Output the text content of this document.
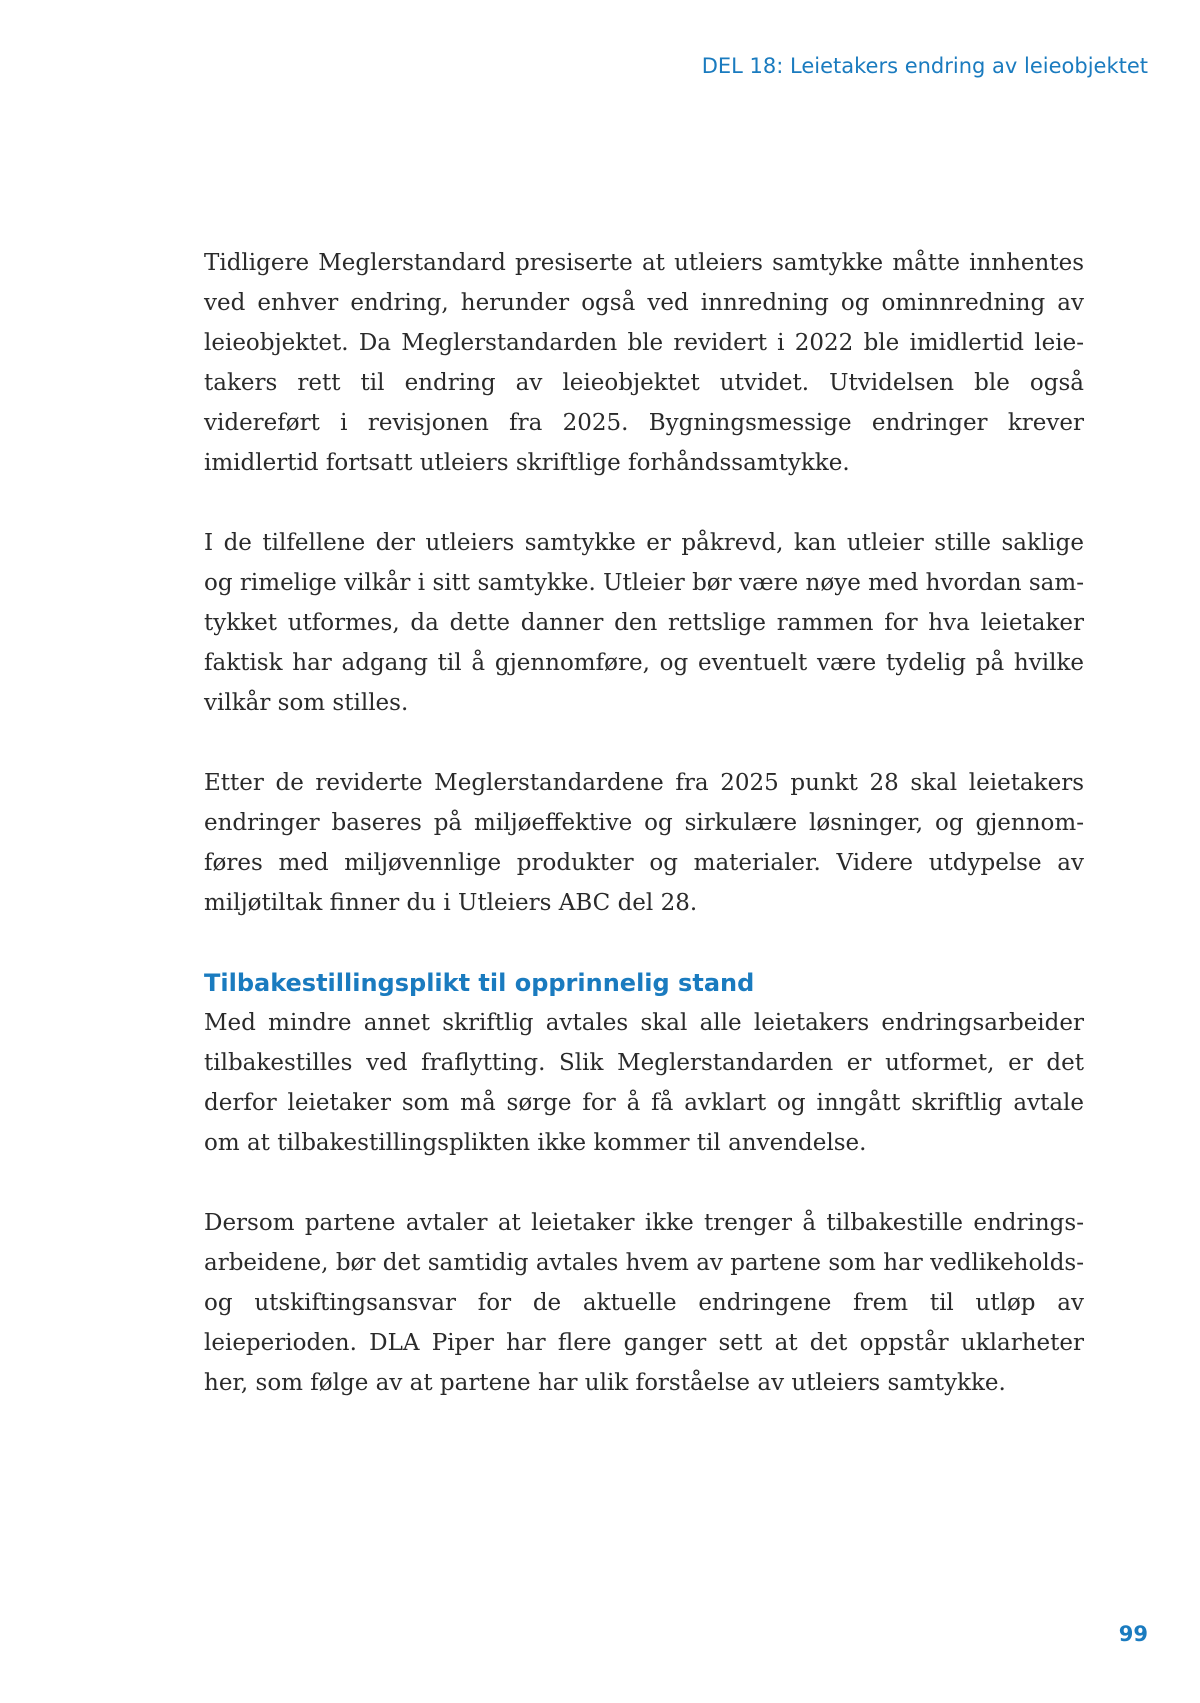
DEL 18: Leietakers endring av leieobjektet

Tidligere Meglerstandard presiserte at utleiers samtykke måtte innhentes ved enhver endring, herunder også ved innredning og ominnredning av leieobjektet. Da Meglerstandarden ble revidert i 2022 ble imidlertid leietakers rett til endring av leieobjektet utvidet. Utvidelsen ble også videreført i revisjonen fra 2025. Bygningsmessige endringer krever imidlertid fortsatt utleiers skriftlige forhåndssamtykke.

I de tilfellene der utleiers samtykke er påkrevd, kan utleier stille saklige og rimelige vilkår i sitt samtykke. Utleier bør være nøye med hvordan samtykket utformes, da dette danner den rettslige rammen for hva leietaker faktisk har adgang til å gjennomføre, og eventuelt være tydelig på hvilke vilkår som stilles.

Etter de reviderte Meglerstandardene fra 2025 punkt 28 skal leietakers endringer baseres på miljøeffektive og sirkulære løsninger, og gjennomføres med miljøvennlige produkter og materialer. Videre utdypelse av miljøtiltak finner du i Utleiers ABC del 28.

Tilbakestillingsplikt til opprinnelig stand

Med mindre annet skriftlig avtales skal alle leietakers endringsarbeider tilbakestilles ved fraflytting. Slik Meglerstandarden er utformet, er det derfor leietaker som må sørge for å få avklart og inngått skriftlig avtale om at tilbakestillingsplikten ikke kommer til anvendelse.

Dersom partene avtaler at leietaker ikke trenger å tilbakestille endringsarbeidene, bør det samtidig avtales hvem av partene som har vedlikeholds- og utskiftingsansvar for de aktuelle endringene frem til utløp av leieperioden. DLA Piper har flere ganger sett at det oppstår uklarheter her, som følge av at partene har ulik forståelse av utleiers samtykke.

99
